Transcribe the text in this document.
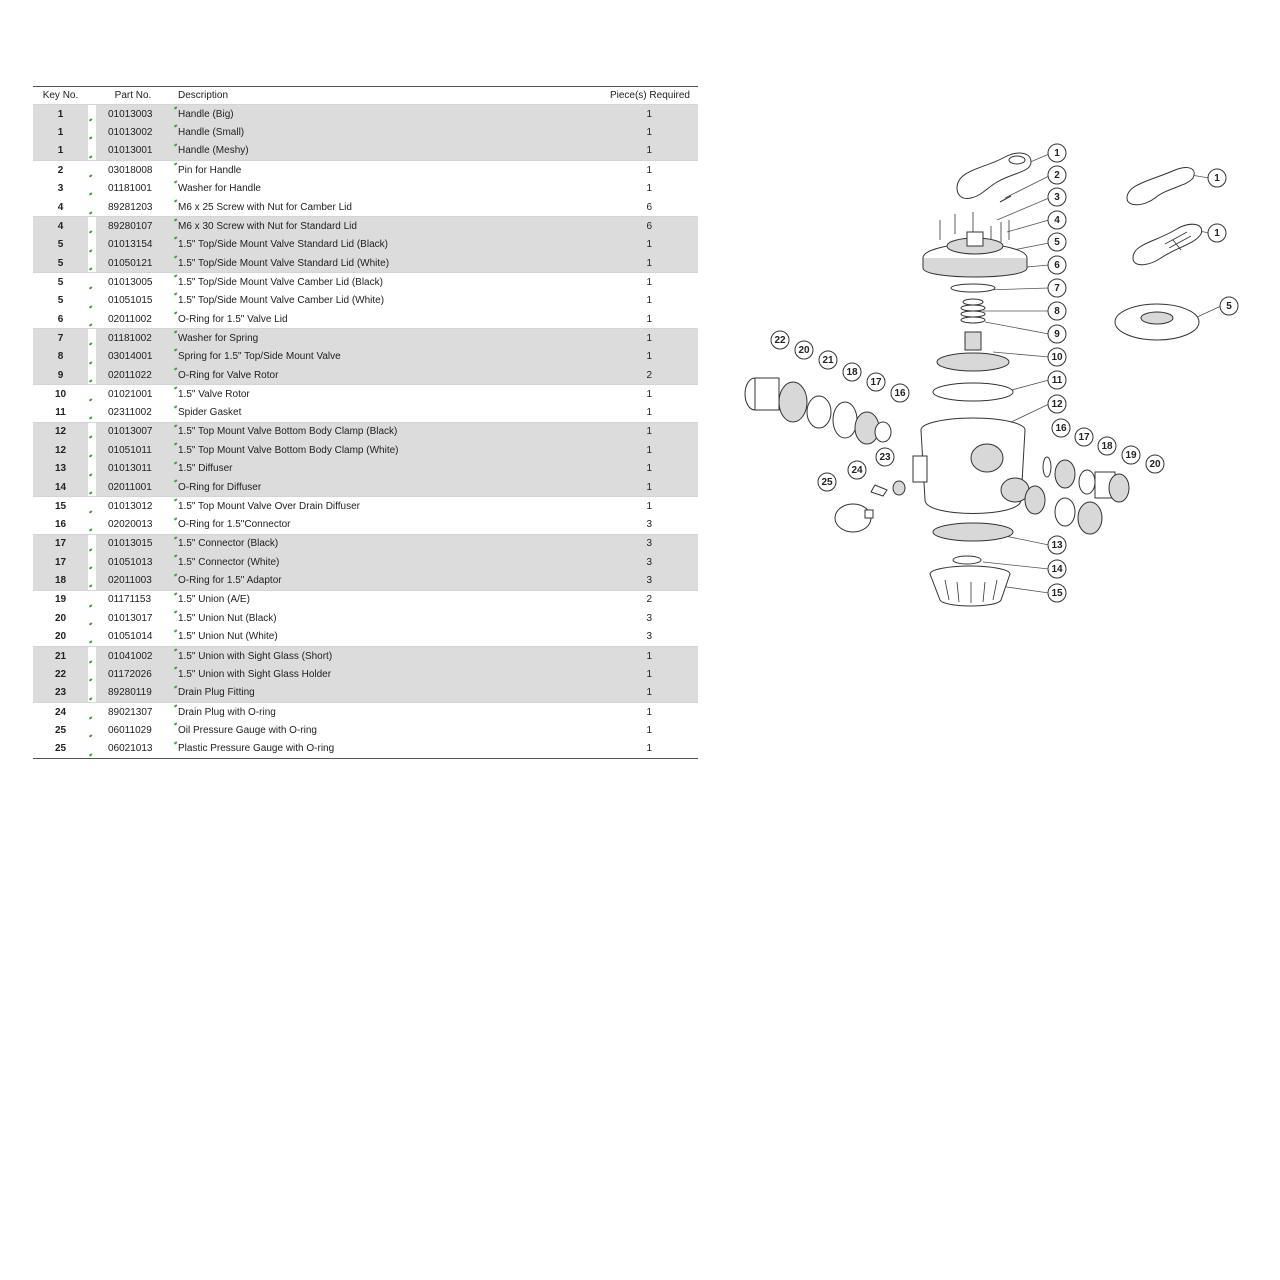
Key No.		Part No.		Description	Piece(s) Required
1		01013003		Handle (Big)	1
1		01013002		Handle (Small)	1
1		01013001		Handle (Meshy)	1
2		03018008		Pin for Handle	1
3		01181001		Washer for Handle	1
4		89281203		M6 x 25 Screw with Nut for Camber Lid	6
4		89280107		M6 x 30 Screw with Nut for Standard Lid	6
5		01013154		1.5" Top/Side Mount Valve Standard Lid (Black)	1
5		01050121		1.5" Top/Side Mount Valve Standard Lid (White)	1
5		01013005		1.5" Top/Side Mount Valve Camber Lid (Black)	1
5		01051015		1.5" Top/Side Mount Valve Camber Lid (White)	1
6		02011002		O-Ring for 1.5" Valve Lid	1
7		01181002		Washer for Spring	1
8		03014001		Spring for 1.5" Top/Side Mount Valve	1
9		02011022		O-Ring for Valve Rotor	2
10		01021001		1.5" Valve Rotor	1
11		02311002		Spider Gasket	1
12		01013007		1.5" Top Mount Valve Bottom Body Clamp (Black)	1
12		01051011		1.5" Top Mount Valve Bottom Body Clamp (White)	1
13		01013011		1.5" Diffuser	1
14		02011001		O-Ring for Diffuser	1
15		01013012		1.5" Top Mount Valve Over Drain Diffuser	1
16		02020013		O-Ring for 1.5"Connector	3
17		01013015		1.5" Connector (Black)	3
17		01051013		1.5" Connector (White)	3
18		02011003		O-Ring for 1.5" Adaptor	3
19		01171153		1.5" Union (A/E)	2
20		01013017		1.5" Union Nut (Black)	3
20		01051014		1.5" Union Nut (White)	3
21		01041002		1.5" Union with Sight Glass (Short)	1
22		01172026		1.5" Union with Sight Glass Holder	1
23		89280119		Drain Plug Fitting	1
24		89021307		Drain Plug with O-ring	1
25		06011029		Oil Pressure Gauge with O-ring	1
25		06021013		Plastic Pressure Gauge with O-ring	1

1
2
3
4
5
6
7
8
9
10
11
12
13
14
15
1
1
5
22
20
21
18
17
16
16
17
18
19
20
24
23
25
